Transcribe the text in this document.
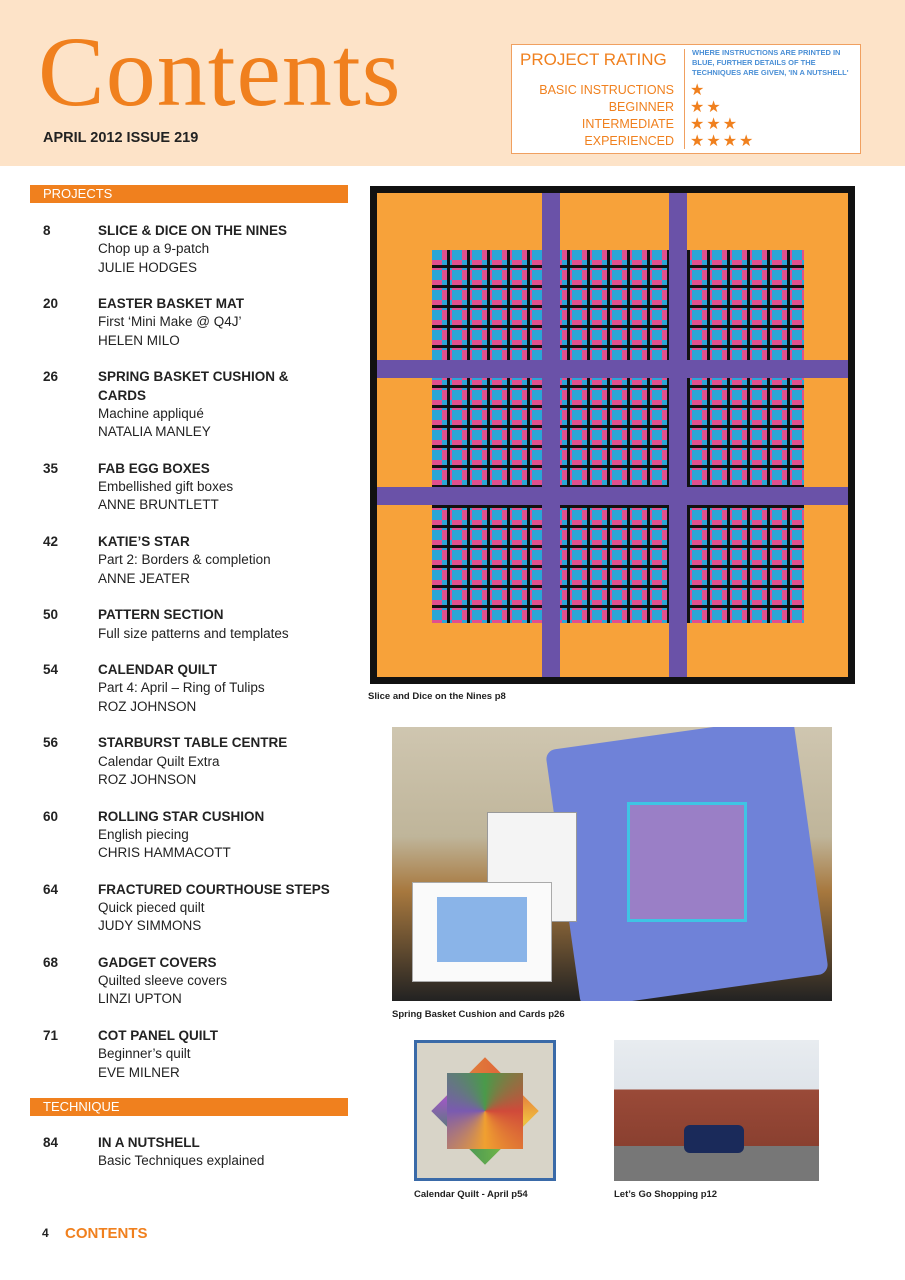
Contents
APRIL 2012 ISSUE 219
PROJECT RATING	WHERE INSTRUCTIONS ARE PRINTED IN BLUE, FURTHER DETAILS OF THE TECHNIQUES ARE GIVEN, 'IN A NUTSHELL'
BASIC INSTRUCTIONS ★
BEGINNER ★★
INTERMEDIATE ★★★
EXPERIENCED ★★★★
PROJECTS
8	SLICE & DICE ON THE NINES
Chop up a 9-patch
JULIE HODGES
20	EASTER BASKET MAT
First ‘Mini Make @ Q4J’
HELEN MILO
26	SPRING BASKET CUSHION & CARDS
Machine appliqué
NATALIA MANLEY
35	FAB EGG BOXES
Embellished gift boxes
ANNE BRUNTLETT
42	KATIE’S STAR
Part 2: Borders & completion
ANNE JEATER
50	PATTERN SECTION
Full size patterns and templates
54	CALENDAR QUILT
Part 4: April – Ring of Tulips
ROZ JOHNSON
56	STARBURST TABLE CENTRE
Calendar Quilt Extra
ROZ JOHNSON
60	ROLLING STAR CUSHION
English piecing
CHRIS HAMMACOTT
64	FRACTURED COURTHOUSE STEPS
Quick pieced quilt
JUDY SIMMONS
68	GADGET COVERS
Quilted sleeve covers
LINZI UPTON
71	COT PANEL QUILT
Beginner’s quilt
EVE MILNER
TECHNIQUE
84	IN A NUTSHELL
Basic Techniques explained
Slice and Dice on the Nines p8
Spring Basket Cushion and Cards p26
Calendar Quilt - April p54	Let’s Go Shopping p12
4 CONTENTS
